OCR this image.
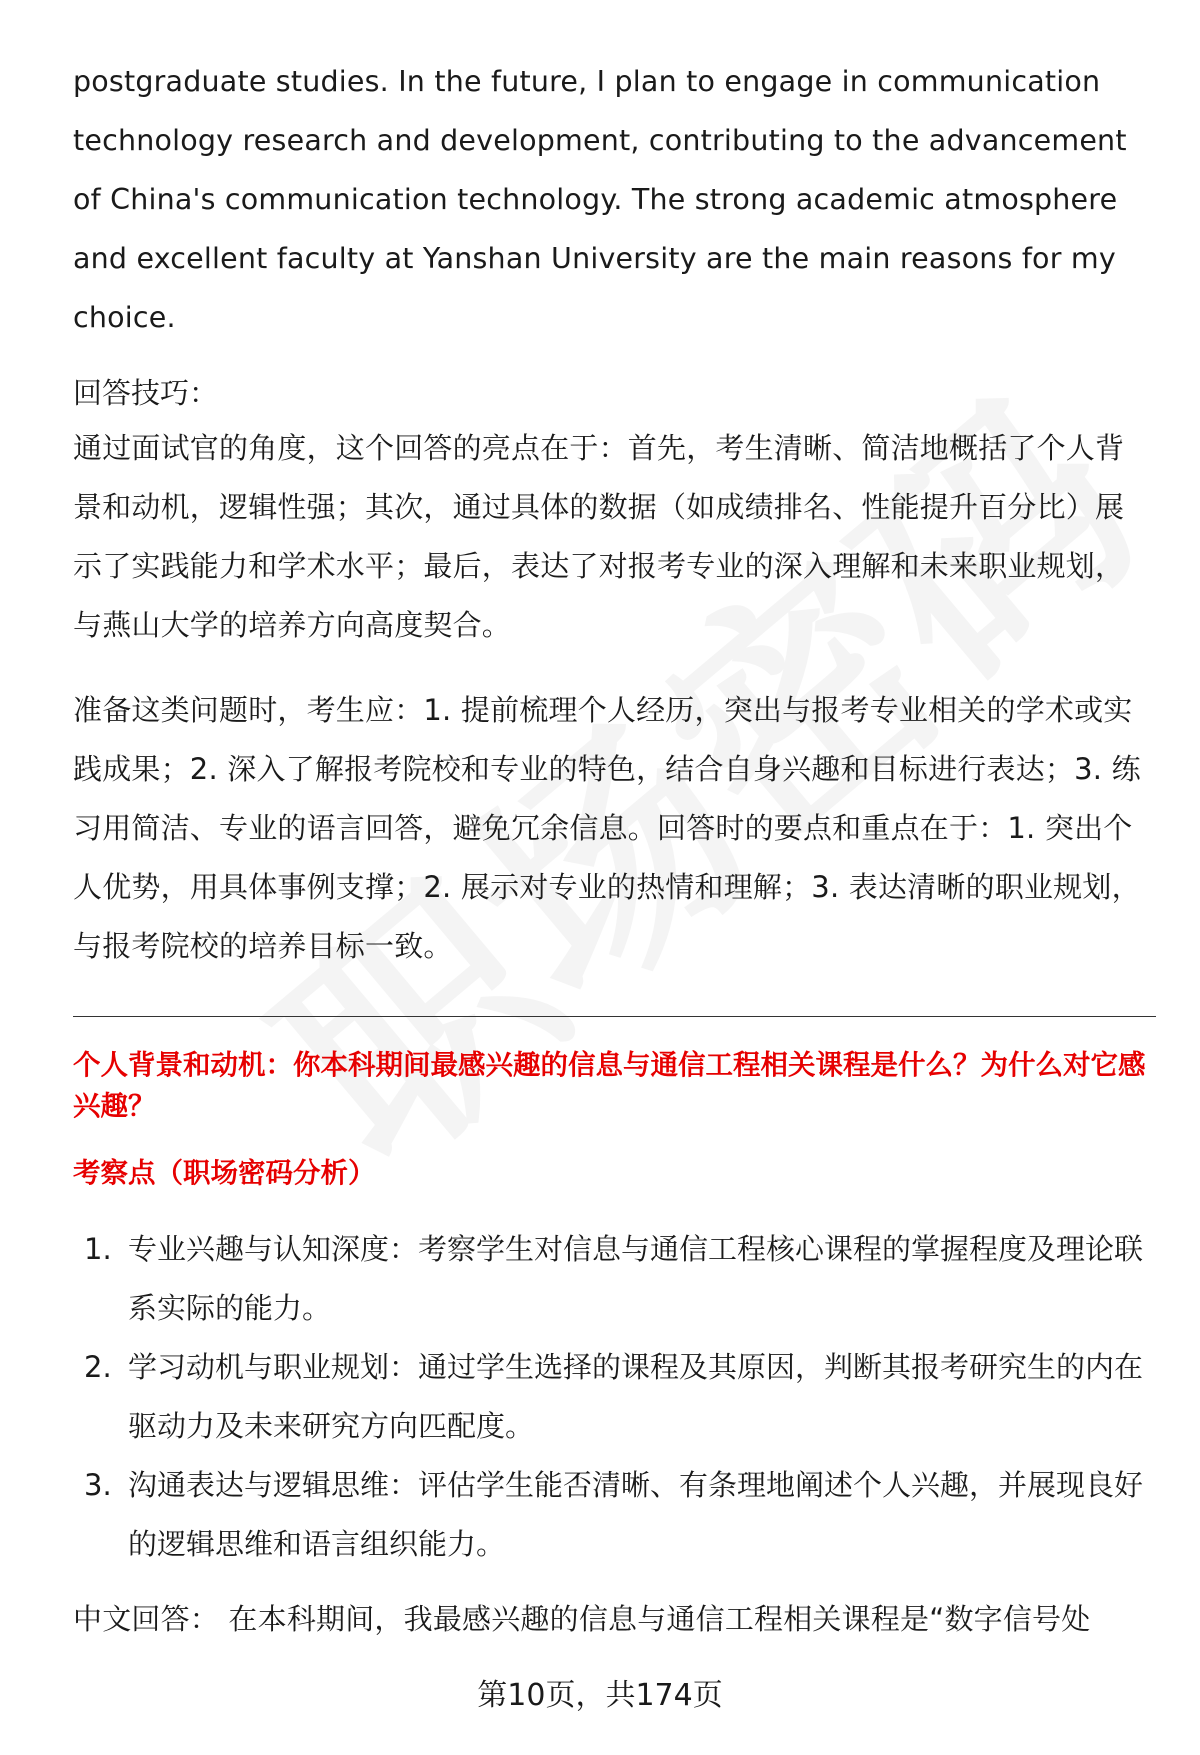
postgraduate studies. In the future, I plan to engage in communication technology research and development, contributing to the advancement of China's communication technology. The strong academic atmosphere and excellent faculty at Yanshan University are the main reasons for my choice.

回答技巧：

通过面试官的角度，这个回答的亮点在于：首先，考生清晰、简洁地概括了个人背景和动机，逻辑性强；其次，通过具体的数据（如成绩排名、性能提升百分比）展示了实践能力和学术水平；最后，表达了对报考专业的深入理解和未来职业规划，与燕山大学的培养方向高度契合。

准备这类问题时，考生应：1. 提前梳理个人经历，突出与报考专业相关的学术或实践成果；2. 深入了解报考院校和专业的特色，结合自身兴趣和目标进行表达；3. 练习用简洁、专业的语言回答，避免冗余信息。回答时的要点和重点在于：1. 突出个人优势，用具体事例支撑；2. 展示对专业的热情和理解；3. 表达清晰的职业规划，与报考院校的培养目标一致。

个人背景和动机：你本科期间最感兴趣的信息与通信工程相关课程是什么？为什么对它感兴趣？

考察点（职场密码分析）

1. 专业兴趣与认知深度：考察学生对信息与通信工程核心课程的掌握程度及理论联系实际的能力。
2. 学习动机与职业规划：通过学生选择的课程及其原因，判断其报考研究生的内在驱动力及未来研究方向匹配度。
3. 沟通表达与逻辑思维：评估学生能否清晰、有条理地阐述个人兴趣，并展现良好的逻辑思维和语言组织能力。

中文回答： 在本科期间，我最感兴趣的信息与通信工程相关课程是“数字信号处

第10页，共174页
